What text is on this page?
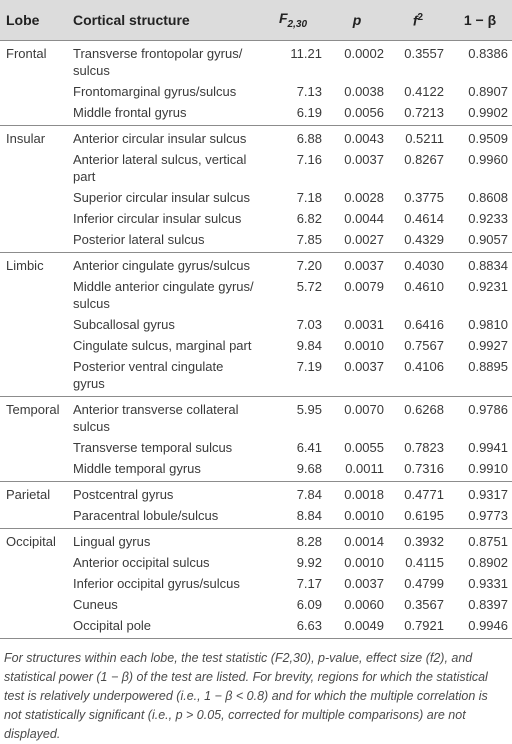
Lobe	Cortical structure	$F_{2,30}$	p	$f^2$	1 − β
Frontal	Transverse frontopolar gyrus/ sulcus	11.21	0.0002	0.3557	0.8386
	Frontomarginal gyrus/sulcus	7.13	0.0038	0.4122	0.8907
	Middle frontal gyrus	6.19	0.0056	0.7213	0.9902
Insular	Anterior circular insular sulcus	6.88	0.0043	0.5211	0.9509
	Anterior lateral sulcus, vertical part	7.16	0.0037	0.8267	0.9960
	Superior circular insular sulcus	7.18	0.0028	0.3775	0.8608
	Inferior circular insular sulcus	6.82	0.0044	0.4614	0.9233
	Posterior lateral sulcus	7.85	0.0027	0.4329	0.9057
Limbic	Anterior cingulate gyrus/sulcus	7.20	0.0037	0.4030	0.8834
	Middle anterior cingulate gyrus/ sulcus	5.72	0.0079	0.4610	0.9231
	Subcallosal gyrus	7.03	0.0031	0.6416	0.9810
	Cingulate sulcus, marginal part	9.84	0.0010	0.7567	0.9927
	Posterior ventral cingulate gyrus	7.19	0.0037	0.4106	0.8895
Temporal	Anterior transverse collateral sulcus	5.95	0.0070	0.6268	0.9786
	Transverse temporal sulcus	6.41	0.0055	0.7823	0.9941
	Middle temporal gyrus	9.68	0.0011	0.7316	0.9910
Parietal	Postcentral gyrus	7.84	0.0018	0.4771	0.9317
	Paracentral lobule/sulcus	8.84	0.0010	0.6195	0.9773
Occipital	Lingual gyrus	8.28	0.0014	0.3932	0.8751
	Anterior occipital sulcus	9.92	0.0010	0.4115	0.8902
	Inferior occipital gyrus/sulcus	7.17	0.0037	0.4799	0.9331
	Cuneus	6.09	0.0060	0.3567	0.8397
	Occipital pole	6.63	0.0049	0.7921	0.9946
For structures within each lobe, the test statistic (F2,30), p-value, effect size (f2), and statistical power (1 − β) of the test are listed. For brevity, regions for which the statistical test is relatively underpowered (i.e., 1 − β < 0.8) and for which the multiple correlation is not statistically significant (i.e., p > 0.05, corrected for multiple comparisons) are not displayed.
